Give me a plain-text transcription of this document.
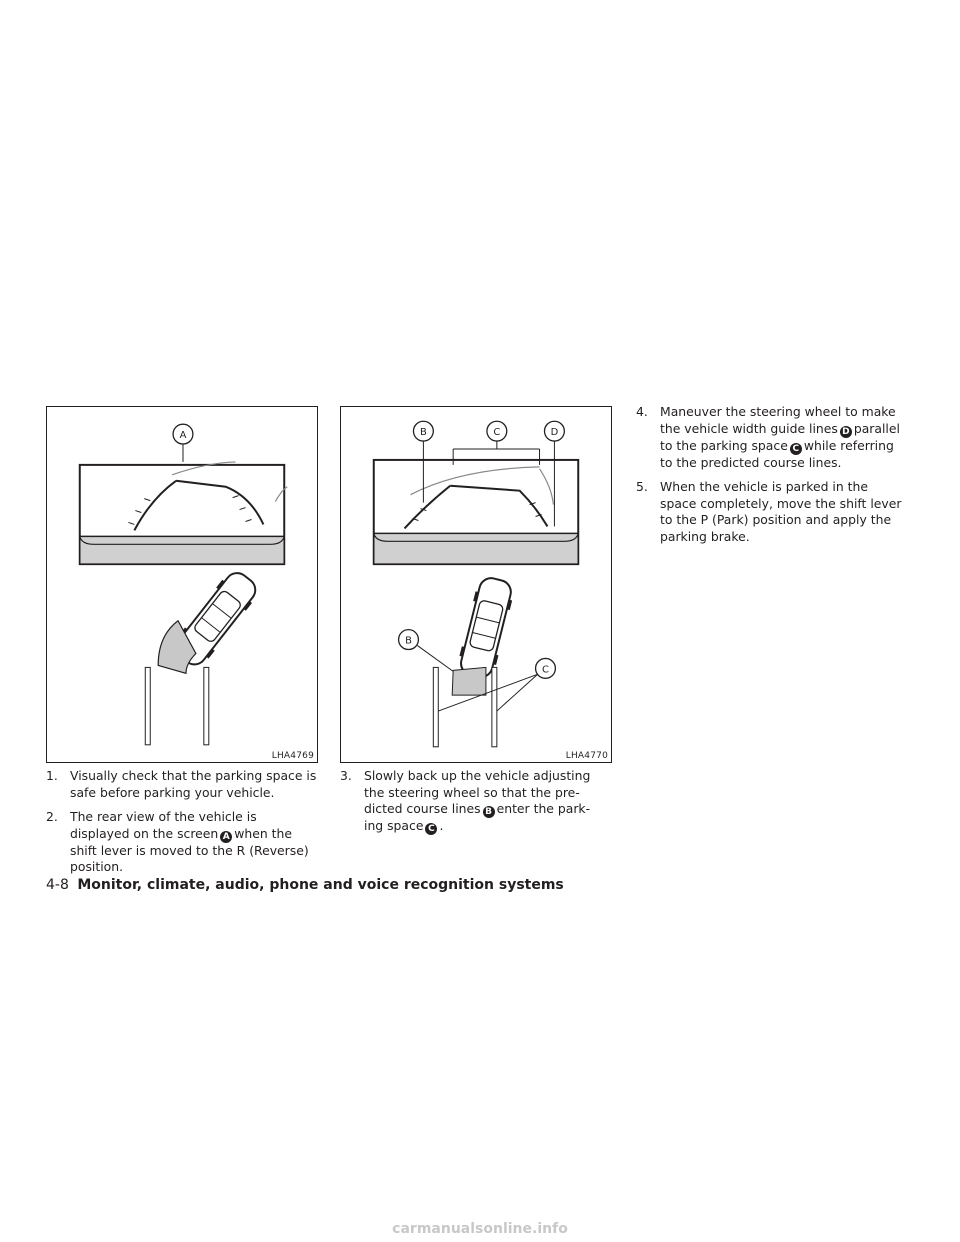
A
LHA4769
B	C	D
B
C
LHA4770

1. Visually check that the parking space is safe before parking your vehicle.

2. The rear view of the vehicle is displayed on the screen A when the shift lever is moved to the R (Reverse) position.

3. Slowly back up the vehicle adjusting the steering wheel so that the pre- dicted course lines B enter the park- ing space C .

4. Maneuver the steering wheel to make the vehicle width guide lines D parallel to the parking space C while referring to the predicted course lines.

5. When the vehicle is parked in the space completely, move the shift lever to the P (Park) position and apply the parking brake.

4-8 Monitor, climate, audio, phone and voice recognition systems
carmanualsonline.info
